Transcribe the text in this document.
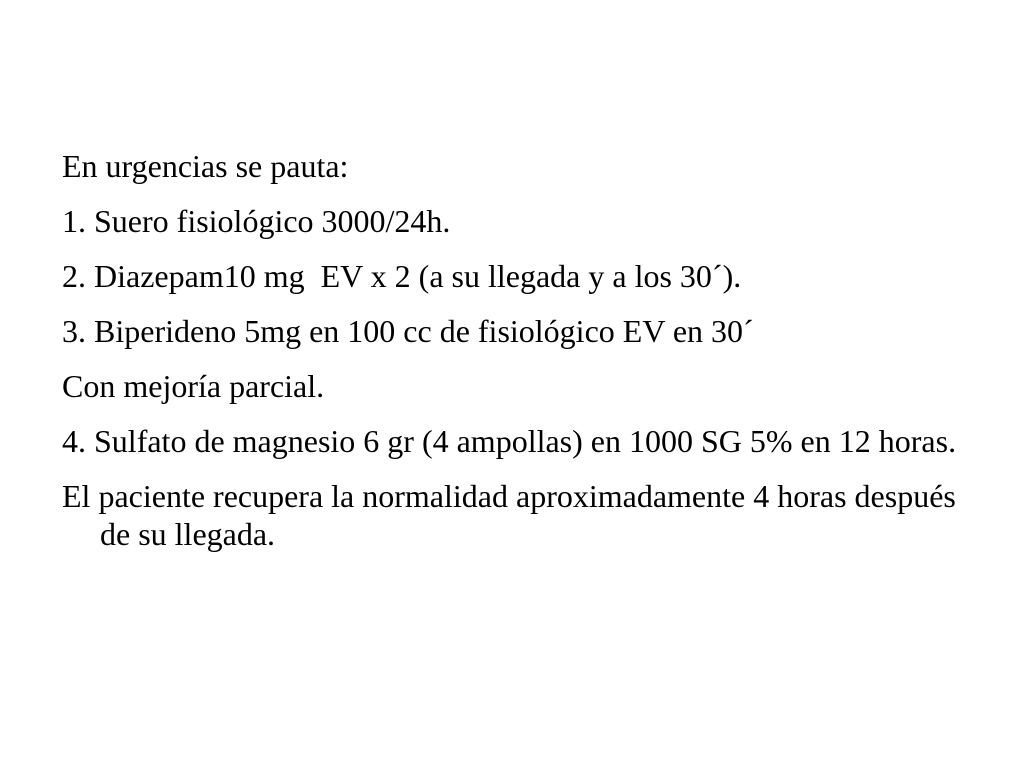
En urgencias se pauta:

1. Suero fisiológico 3000/24h.

2. Diazepam10 mg  EV x 2 (a su llegada y a los 30´).

3. Biperideno 5mg en 100 cc de fisiológico EV en 30´

Con mejoría parcial.

4. Sulfato de magnesio 6 gr (4 ampollas) en 1000 SG 5% en 12 horas.

El paciente recupera la normalidad aproximadamente 4 horas después de su llegada.
